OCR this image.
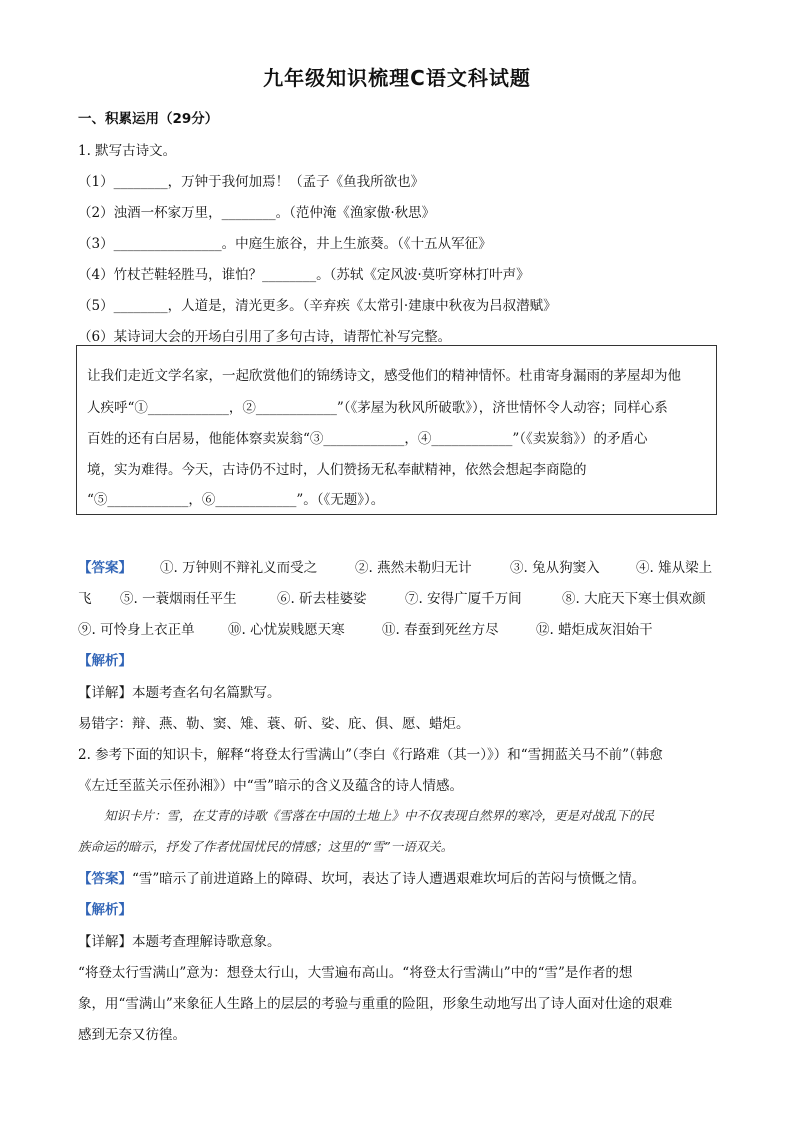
九年级知识梳理C语文科试题
一、积累运用（29分）
1. 默写古诗文。
（1）________，万钟于我何加焉！（孟子《鱼我所欲也》
（2）浊酒一杯家万里，________。（范仲淹《渔家傲·秋思》
（3）________________。中庭生旅谷，井上生旅葵。（《十五从军征》
（4）竹杖芒鞋轻胜马，谁怕？________。（苏轼《定风波·莫听穿林打叶声》
（5）________，人道是，清光更多。（辛弃疾《太常引·建康中秋夜为吕叔潜赋》
（6）某诗词大会的开场白引用了多句古诗，请帮忙补写完整。
让我们走近文学名家，一起欣赏他们的锦绣诗文，感受他们的精神情怀。杜甫寄身漏雨的茅屋却为他
人疾呼“①____________，②____________”（《茅屋为秋风所破歌》），济世情怀令人动容；同样心系
百姓的还有白居易，他能体察卖炭翁“③____________，④____________”（《卖炭翁》）的矛盾心
境，实为难得。今天，古诗仍不过时，人们赞扬无私奉献精神，依然会想起李商隐的
“⑤____________，⑥____________”。（《无题》）。
【答案】 ①. 万钟则不辩礼义而受之	②. 燕然未勒归无计	③. 兔从狗窦入	④. 雉从梁上
飞 ⑤. 一蓑烟雨任平生	⑥. 斫去桂婆娑	⑦. 安得广厦千万间	⑧. 大庇天下寒士俱欢颜
⑨. 可怜身上衣正单 ⑩. 心忧炭贱愿天寒	⑪. 春蚕到死丝方尽	⑫. 蜡炬成灰泪始干
【解析】
【详解】本题考查名句名篇默写。
易错字：辩、燕、勒、窦、雉、蓑、斫、娑、庇、俱、愿、蜡炬。
2. 参考下面的知识卡，解释“将登太行雪满山”（李白《行路难（其一）》）和“雪拥蓝关马不前”（韩愈
《左迁至蓝关示侄孙湘》）中“雪”暗示的含义及蕴含的诗人情感。
知识卡片：雪，在艾青的诗歌《雪落在中国的土地上》中不仅表现自然界的寒冷，更是对战乱下的民
族命运的暗示，抒发了作者忧国忧民的情感；这里的“雪”一语双关。
【答案】“雪”暗示了前进道路上的障碍、坎坷，表达了诗人遭遇艰难坎坷后的苦闷与愤慨之情。
【解析】
【详解】本题考查理解诗歌意象。
“将登太行雪满山”意为：想登太行山，大雪遍布高山。“将登太行雪满山”中的“雪”是作者的想
象，用“雪满山”来象征人生路上的层层的考验与重重的险阻，形象生动地写出了诗人面对仕途的艰难
感到无奈又彷徨。
